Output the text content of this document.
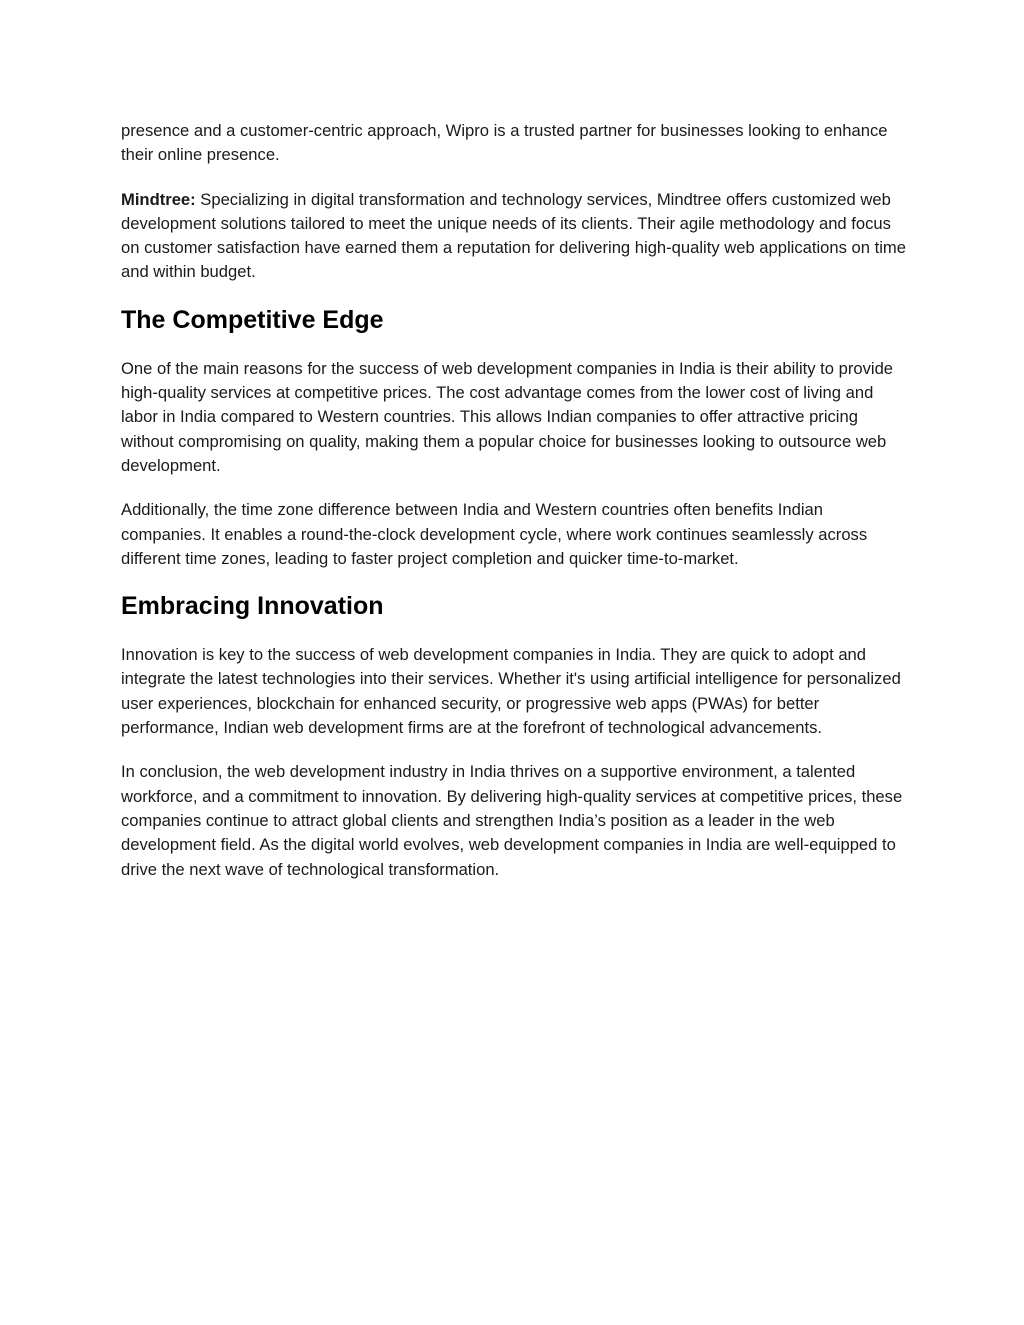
presence and a customer-centric approach, Wipro is a trusted partner for businesses looking to enhance their online presence.

Mindtree: Specializing in digital transformation and technology services, Mindtree offers customized web development solutions tailored to meet the unique needs of its clients. Their agile methodology and focus on customer satisfaction have earned them a reputation for delivering high-quality web applications on time and within budget.

The Competitive Edge

One of the main reasons for the success of web development companies in India is their ability to provide high-quality services at competitive prices. The cost advantage comes from the lower cost of living and labor in India compared to Western countries. This allows Indian companies to offer attractive pricing without compromising on quality, making them a popular choice for businesses looking to outsource web development.

Additionally, the time zone difference between India and Western countries often benefits Indian companies. It enables a round-the-clock development cycle, where work continues seamlessly across different time zones, leading to faster project completion and quicker time-to-market.

Embracing Innovation

Innovation is key to the success of web development companies in India. They are quick to adopt and integrate the latest technologies into their services. Whether it's using artificial intelligence for personalized user experiences, blockchain for enhanced security, or progressive web apps (PWAs) for better performance, Indian web development firms are at the forefront of technological advancements.

In conclusion, the web development industry in India thrives on a supportive environment, a talented workforce, and a commitment to innovation. By delivering high-quality services at competitive prices, these companies continue to attract global clients and strengthen India’s position as a leader in the web development field. As the digital world evolves, web development companies in India are well-equipped to drive the next wave of technological transformation.
